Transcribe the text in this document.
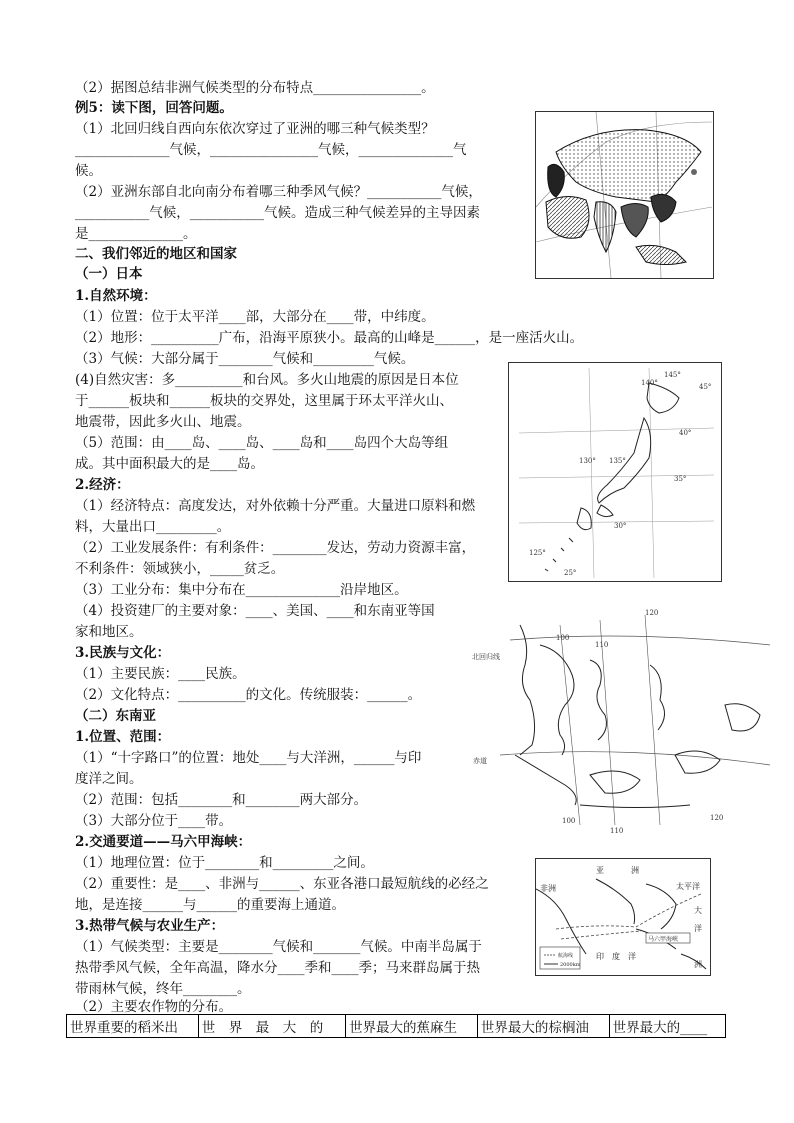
（2）据图总结非洲气候类型的分布特点________________。
例5：读下图，回答问题。
（1）北回归线自西向东依次穿过了亚洲的哪三种气候类型？
______________气候，________________气候，______________气
候。
（2）亚洲东部自北向南分布着哪三种季风气候？___________气候，
___________气候，___________气候。造成三种气候差异的主导因素
是______________。
二、我们邻近的地区和国家
（一）日本
1.自然环境：
（1）位置：位于太平洋____部，大部分在____带，中纬度。
（2）地形：__________广布，沿海平原狭小。最高的山峰是______，是一座活火山。
（3）气候：大部分属于________气候和_________气候。
(4)自然灾害：多__________和台风。多火山地震的原因是日本位
于______板块和______板块的交界处，这里属于环太平洋火山、
地震带，因此多火山、地震。
（5）范围：由____岛、____岛、____岛和____岛四个大岛等组
成。其中面积最大的是____岛。
2.经济：
（1）经济特点：高度发达，对外依赖十分严重。大量进口原料和燃
料，大量出口_________。
（2）工业发展条件：有利条件：________发达，劳动力资源丰富，
不利条件：领域狭小，_____贫乏。
（3）工业分布：集中分布在______________沿岸地区。
（4）投资建厂的主要对象：____、美国、____和东南亚等国
家和地区。
3.民族与文化：
（1）主要民族：____民族。
（2）文化特点：__________的文化。传统服装：______。
（二）东南亚
1.位置、范围：
（1）“十字路口”的位置：地处____与大洋洲，______与印
度洋之间。
（2）范围：包括________和________两大部分。
（3）大部分位于____带。
2.交通要道——马六甲海峡：
（1）地理位置：位于________和_________之间。
（2）重要性：是____、非洲与______、东亚各港口最短航线的必经之
地，是连接______与______的重要海上通道。
3.热带气候与农业生产：
（1）气候类型：主要是________气候和_______气候。中南半岛属于
热带季风气候，全年高温，降水分____季和____季；马来群岛属于热
带雨林气候，终年________。
（2）主要农作物的分布。
145°
140°	45°
40°
130° 135°
35°
30°
125°
25°
120
110
100
北回归线
赤道
100
110
120
亚	洲
非洲	太平洋
大
洋
马六甲海峡
印　度　洋
洲
航海线
2000km
世界重要的稻米出	世　界　最　大　的	世界最大的蕉麻生	世界最大的棕榈油	世界最大的____
